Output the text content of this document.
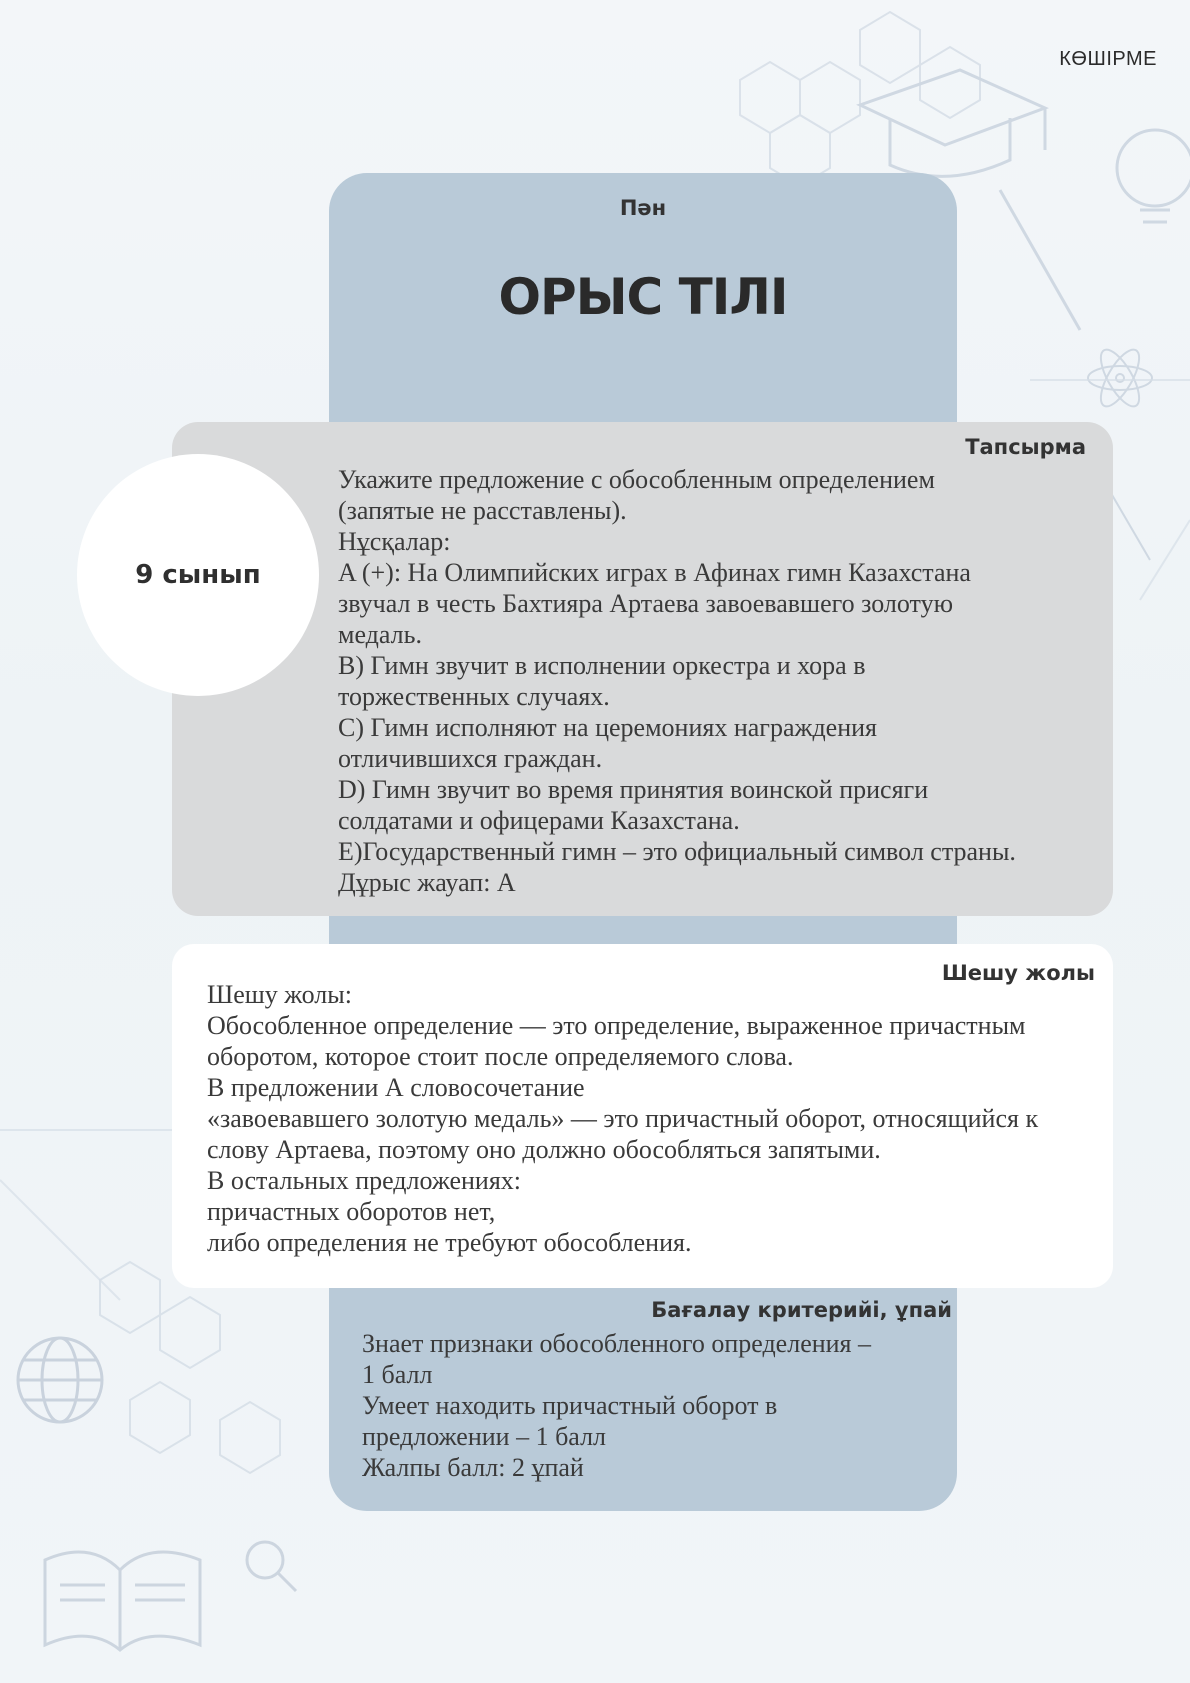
КӨШІРМЕ
Пән
ОРЫС ТІЛІ
Тапсырма
Укажите предложение с обособленным определением
(запятые не расставлены).
Нұсқалар:
A (+): На Олимпийских играх в Афинах гимн Казахстана
звучал в честь Бахтияра Артаева завоевавшего золотую
медаль.
B) Гимн звучит в исполнении оркестра и хора в
торжественных случаях.
C) Гимн исполняют на церемониях награждения
отличившихся граждан.
D) Гимн звучит во время принятия воинской присяги
солдатами и офицерами Казахстана.
E)Государственный гимн – это официальный символ страны.
Дұрыс жауап: A
9 сынып
Шешу жолы
Шешу жолы:
Обособленное определение — это определение, выраженное причастным
оборотом, которое стоит после определяемого слова.
В предложении А словосочетание
«завоевавшего золотую медаль» — это причастный оборот, относящийся к
слову Артаева, поэтому оно должно обособляться запятыми.
В остальных предложениях:
причастных оборотов нет,
либо определения не требуют обособления.
Бағалау критерийі, ұпай
Знает признаки обособленного определения –
1 балл
Умеет находить причастный оборот в
предложении – 1 балл
Жалпы балл: 2 ұпай
